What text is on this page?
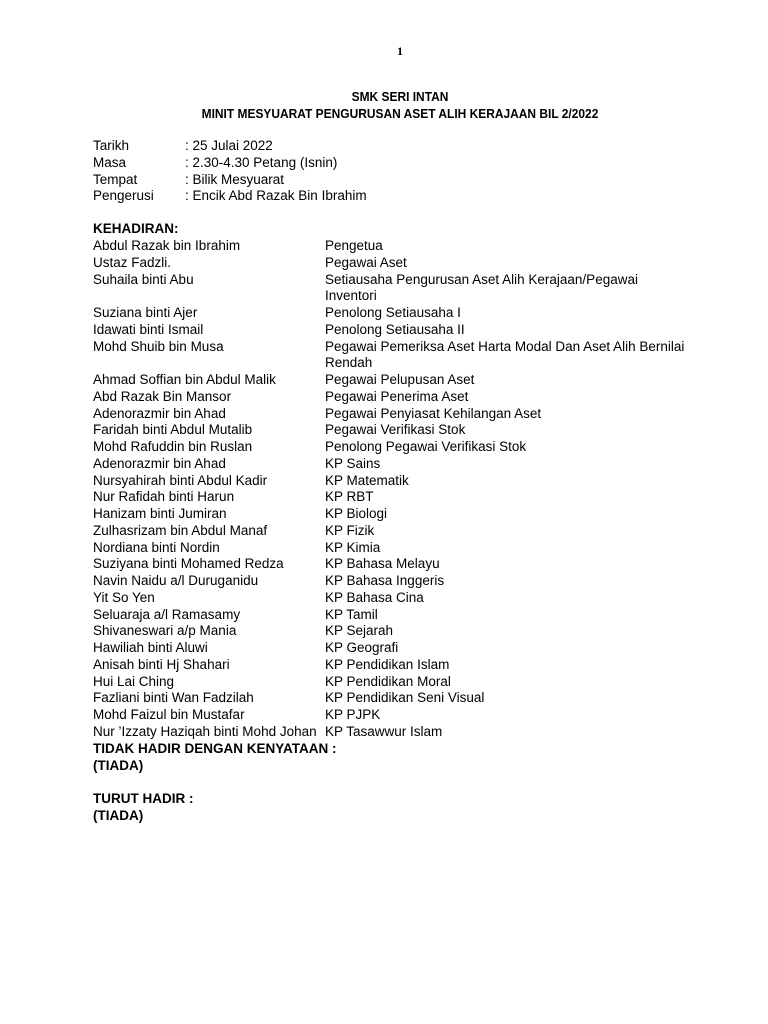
1
SMK SERI INTAN
MINIT MESYUARAT PENGURUSAN ASET ALIH KERAJAAN BIL 2/2022
Tarikh	: 25 Julai 2022
Masa	: 2.30-4.30 Petang (Isnin)
Tempat	: Bilik Mesyuarat
Pengerusi	: Encik Abd Razak Bin Ibrahim
KEHADIRAN:
Abdul Razak bin Ibrahim	Pengetua
Ustaz Fadzli.	Pegawai Aset
Suhaila binti Abu	Setiausaha Pengurusan Aset Alih Kerajaan/Pegawai Inventori
Suziana binti Ajer	Penolong Setiausaha I
Idawati binti Ismail	Penolong Setiausaha II
Mohd Shuib bin Musa	Pegawai Pemeriksa Aset Harta Modal Dan Aset Alih Bernilai Rendah
Ahmad Soffian bin Abdul Malik	Pegawai Pelupusan Aset
Abd Razak Bin Mansor	Pegawai Penerima Aset
Adenorazmir bin Ahad	Pegawai Penyiasat Kehilangan Aset
Faridah binti Abdul Mutalib	Pegawai Verifikasi Stok
Mohd Rafuddin bin Ruslan	Penolong Pegawai Verifikasi Stok
Adenorazmir bin Ahad	KP Sains
Nursyahirah binti Abdul Kadir	KP Matematik
Nur Rafidah binti Harun	KP RBT
Hanizam binti Jumiran	KP Biologi
Zulhasrizam bin Abdul Manaf	KP Fizik
Nordiana binti Nordin	KP Kimia
Suziyana binti Mohamed Redza	KP Bahasa Melayu
Navin Naidu a/l Duruganidu	KP Bahasa Inggeris
Yit So Yen	KP Bahasa Cina
Seluaraja a/l Ramasamy	KP Tamil
Shivaneswari a/p Mania	KP Sejarah
Hawiliah binti Aluwi	KP Geografi
Anisah binti Hj Shahari	KP Pendidikan Islam
Hui Lai Ching	KP Pendidikan Moral
Fazliani binti Wan Fadzilah	KP Pendidikan Seni Visual
Mohd Faizul bin Mustafar	KP PJPK
Nur ’Izzaty Haziqah binti Mohd Johan KP Tasawwur Islam
TIDAK HADIR DENGAN KENYATAAN :
(TIADA)
TURUT HADIR :
(TIADA)
